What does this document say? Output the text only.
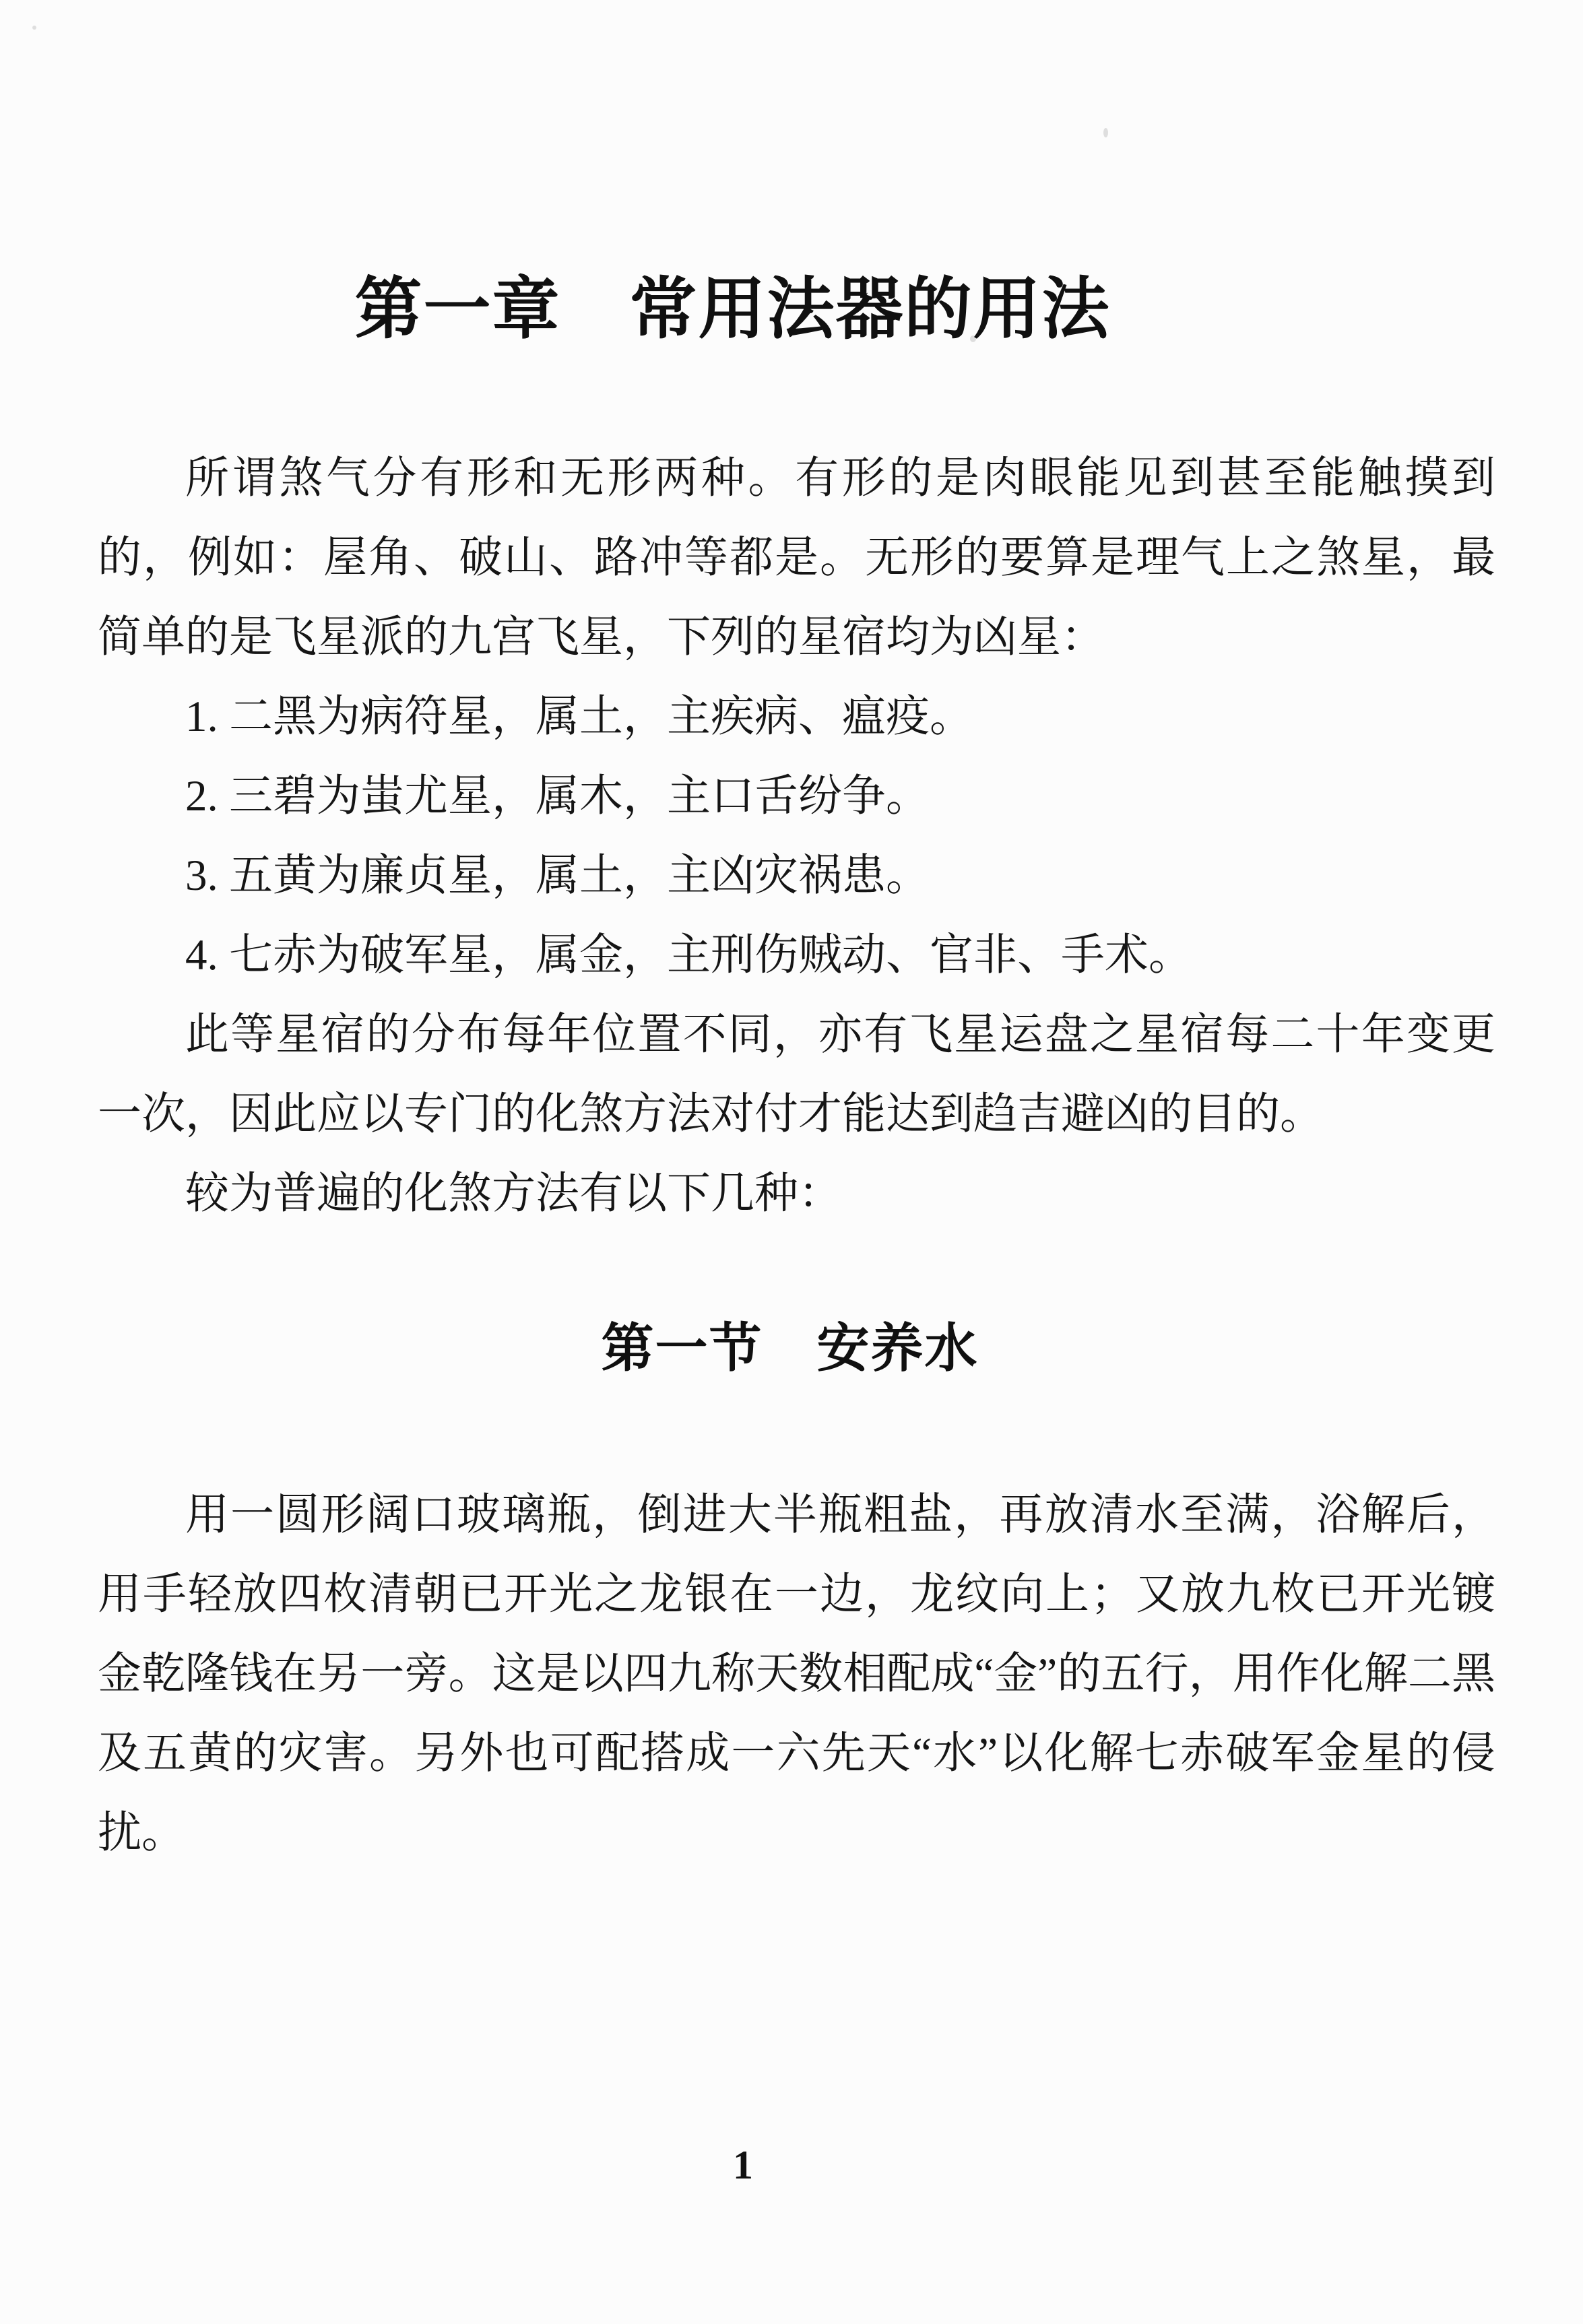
第一章　常用法器的用法

所谓煞气分有形和无形两种。有形的是肉眼能见到甚至能触摸到的，例如：屋角、破山、路冲等都是。无形的要算是理气上之煞星，最简单的是飞星派的九宫飞星，下列的星宿均为凶星：

1. 二黑为病符星，属土，主疾病、瘟疫。

2. 三碧为蚩尤星，属木，主口舌纷争。

3. 五黄为廉贞星，属土，主凶灾祸患。

4. 七赤为破军星，属金，主刑伤贼动、官非、手术。

此等星宿的分布每年位置不同，亦有飞星运盘之星宿每二十年变更一次，因此应以专门的化煞方法对付才能达到趋吉避凶的目的。

较为普遍的化煞方法有以下几种：

第一节　安养水

用一圆形阔口玻璃瓶，倒进大半瓶粗盐，再放清水至满，浴解后，用手轻放四枚清朝已开光之龙银在一边，龙纹向上；又放九枚已开光镀金乾隆钱在另一旁。这是以四九称天数相配成“金”的五行，用作化解二黑及五黄的灾害。另外也可配搭成一六先天“水”以化解七赤破军金星的侵扰。

1
